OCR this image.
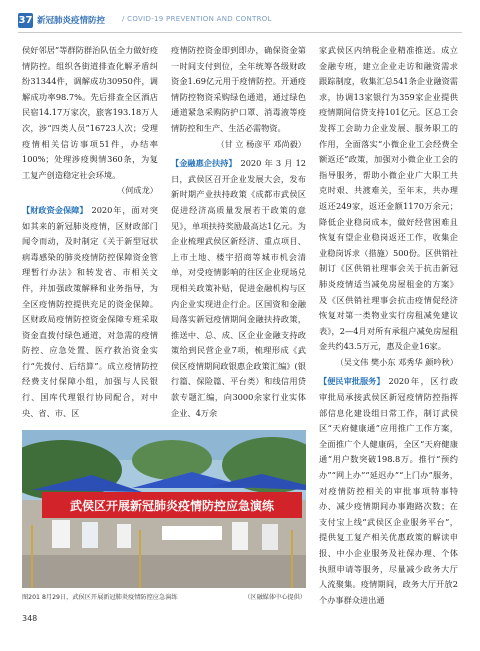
37 新冠肺炎疫情防控 / COVID-19 PREVENTION AND CONTROL

侯好邻居”等群防群治队伍全力做好疫情防控。组织各街道排查化解矛盾纠纷31344件，调解成功30950件，调解成功率98.7%。先后排查全区酒店民宿14.17万家次，旅客193.18万人次，涉“四类人员”16723人次；受理疫情相关信访事项51件，办结率100%；处理涉疫舆情360条，为复工复产创造稳定社会环境。

（何成龙）

【财政资金保障】 2020年，面对突如其来的新冠肺炎疫情，区财政部门闻令而动，及时制定《关于新型冠状病毒感染的肺炎疫情防控保障资金管理暂行办法》和转发省、市相关文件，并加强政策解释和业务指导，为全区疫情防控提供充足的资金保障。区财政局疫情防控资金保障专班采取资金直拨付绿色通道，对急需的疫情防控、应急处置、医疗救治资金实行“先拨付、后结算”。成立疫情防控经费支付保障小组，加强与人民银行、国库代理银行协同配合，对中央、省、市、区

疫情防控资金即到即办，确保资金第一时间支付到位，全年统筹各级财政资金1.69亿元用于疫情防控。开通疫情防控物资采购绿色通道，通过绿色通道紧急采购防护口罩、消毒液等疫情防控和生产、生活必需物资。

（甘 立 杨彦平 邓尚毅）

【金融惠企扶持】 2020年3月12日，武侯区召开企业发展大会，发布新时期产业扶持政策《成都市武侯区促进经济高质量发展若干政策的意见》，单项扶持奖励最高达1亿元。为企业梳理武侯区新经济、重点项目、上市土地、楼宇招商等城市机会清单，对受疫情影响的往区企业现场兑现相关政策补贴，促进金融机构与区内企业实现进企行企。区国资和金融局落实新冠疫情期间金融扶持政策，推送中、总、成、区企业金融支持政策给到民营企业7项，梳理形成《武侯区疫情期间政银惠企政策汇编》(银行篇、保险篇、平台类）和线信用贷款专题汇编，向3000余家行业实体企业、4万余

家武侯区内纳税企业精准推送。成立金融专班，建立企业走访和融资需求跟踪制度，收集汇总541条企业融资需求，协调13家银行为359家企业提供疫情期间信贷支持101亿元。区总工会发挥工会助力企业发展、服务职工的作用，全面落实“小微企业工会经费全额返还”政策，加强对小微企业工会的指导服务，帮助小微企业广大职工共克时艰、共渡难关，至年末，共办理返还249家，返还金额1170万余元；降低企业稳岗成本，做好经营困难且恢复有望企业稳岗返还工作，收集企业稳岗诉求（措施）500份。区供销社制订《区供销社理事会关于抗击新冠肺炎疫情适当减免房屋租金的方案》及《区供销社理事会抗击疫情促经济恢复对第一类物业实行房租减免建议表》，2—4月对所有承租户减免房屋租金共约43.5万元，惠及企业16家。

（吴文伟 樊小东 邓秀华 颜吟秋）

【便民审批服务】 2020年，区行政审批局承接武侯区新冠疫情防控指挥部信息化建设组日常工作，制订武侯区“天府健康通”应用推广工作方案，全面推广个人健康码，全区“天府健康通”用户数突破198.8万。推行“预约办”“网上办”“延迟办”“上门办”服务，对疫情防控相关的审批事项特事特办、减少疫情期间办事跑路次数；在支付宝上线“武侯区企业服务平台”，提供复工复产相关优惠政策的解读申报、中小企业服务及社保办理、个体执照申请等服务，尽量减少政务大厅人流聚集。疫情期间，政务大厅开放2个办事群众进出通

武侯区开展新冠肺炎疫情防控应急演练
图201 8月29日，武侯区开展新冠肺炎疫情防控应急演练	（区融媒体中心提供）
348
